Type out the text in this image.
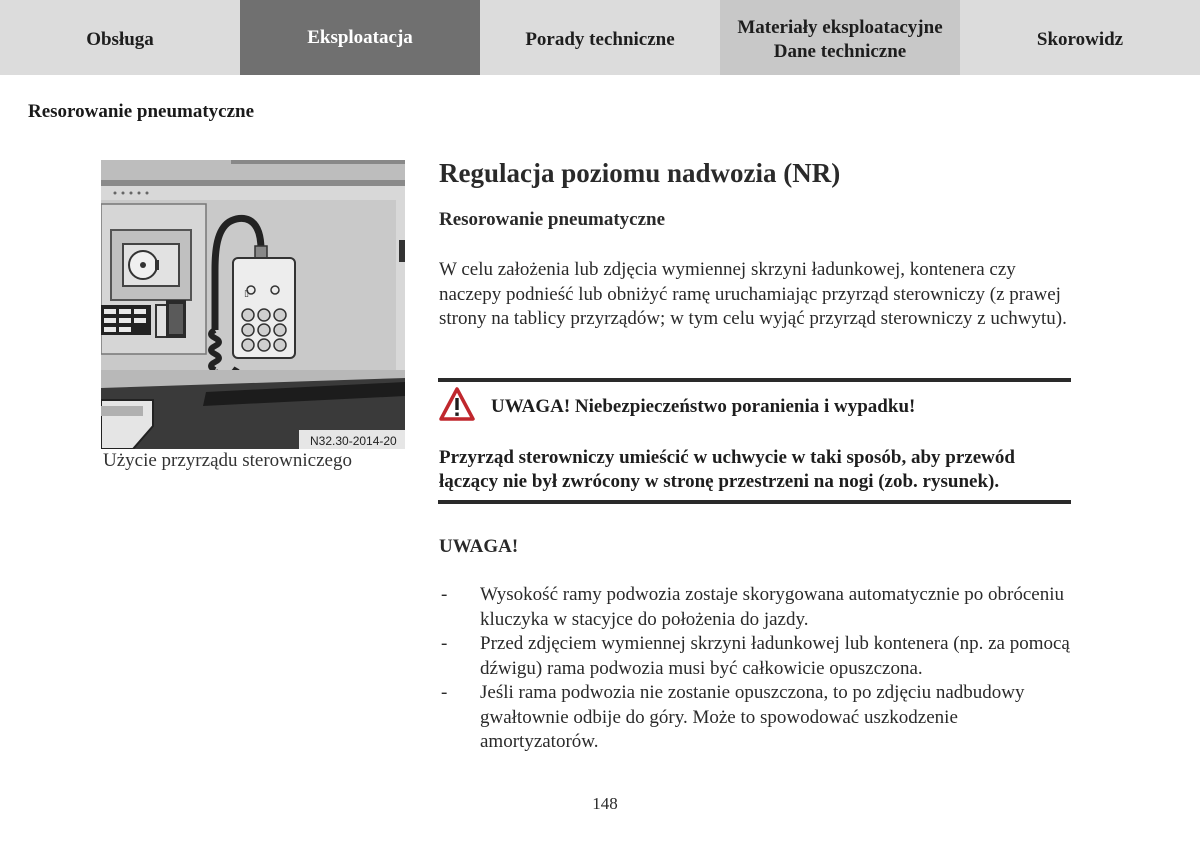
Obsługa	Eksploatacja	Porady techniczne
Materiały eksploatacyjne
Dane techniczne
Skorowidz
Resorowanie pneumatyczne
▯
N32.30-2014-20
Użycie przyrządu sterowniczego
Regulacja poziomu nadwozia (NR)
Resorowanie pneumatyczne
W celu założenia lub zdjęcia wymiennej skrzyni ładunkowej, kontenera czy naczepy podnieść lub obniżyć ramę uruchamiając przyrząd sterowniczy (z prawej strony na tablicy przyrządów; w tym celu wyjąć przyrząd sterowniczy z uchwytu).
UWAGA! Niebezpieczeństwo poranienia i wypadku!
Przyrząd sterowniczy umieścić w uchwycie w taki sposób, aby przewód łączący nie był zwrócony w stronę przestrzeni na nogi (zob. rysunek).
UWAGA!
- Wysokość ramy podwozia zostaje skorygowana automatycznie po obróceniu kluczyka w stacyjce do położenia do jazdy.
- Przed zdjęciem wymiennej skrzyni ładunkowej lub kontenera (np. za pomocą dźwigu) rama podwozia musi być całkowicie opuszczona.
- Jeśli rama podwozia nie zostanie opuszczona, to po zdjęciu nadbudowy gwałtownie odbije do góry. Może to spowodować uszkodzenie amortyzatorów.
148
